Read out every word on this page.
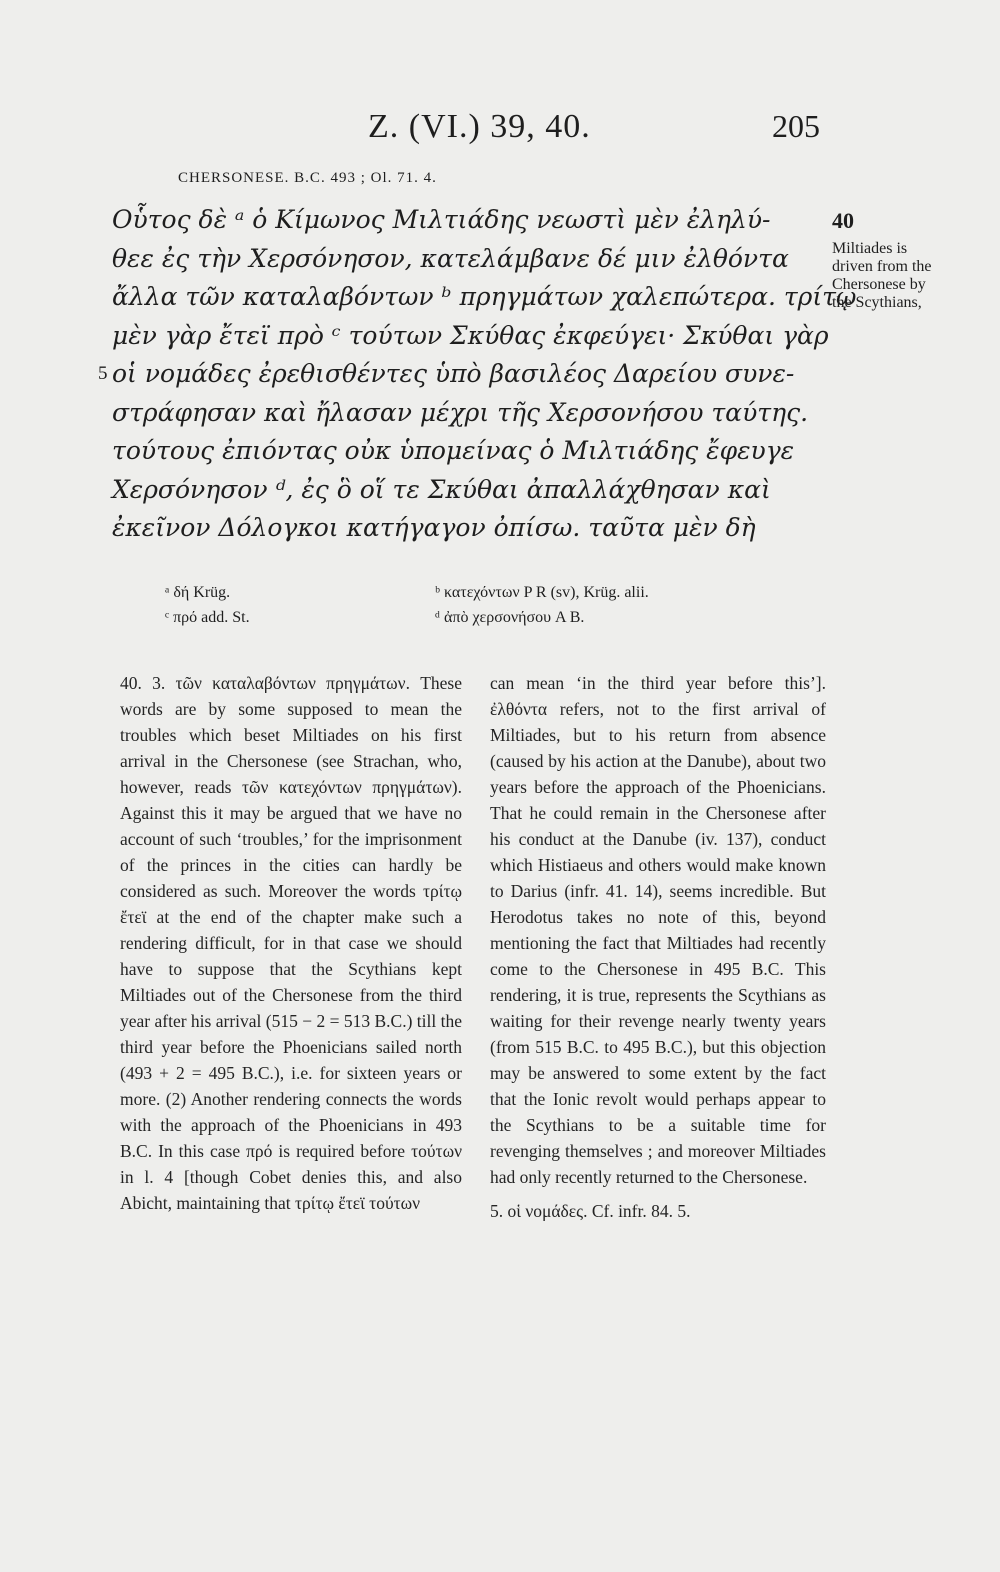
Z. (VI.) 39, 40.	205
CHERSONESE. B.C. 493 ; Ol. 71. 4.
Οὗτος δὲ ᵃ ὁ Κίμωνος Μιλτιάδης νεωστὶ μὲν ἐληλύ-
θεε ἐς τὴν Χερσόνησον, κατελάμβανε δέ μιν ἐλθόντα
ἄλλα τῶν καταλαβόντων ᵇ πρηγμάτων χαλεπώτερα. τρίτῳ
μὲν γὰρ ἔτεϊ πρὸ ᶜ τούτων Σκύθας ἐκφεύγει· Σκύθαι γὰρ
5 οἱ νομάδες ἐρεθισθέντες ὑπὸ βασιλέος Δαρείου συνε-
στράφησαν καὶ ἤλασαν μέχρι τῆς Χερσονήσου ταύτης.
τούτους ἐπιόντας οὐκ ὑπομείνας ὁ Μιλτιάδης ἔφευγε
Χερσόνησον ᵈ, ἐς ὃ οἵ τε Σκύθαι ἀπαλλάχθησαν καὶ
ἐκεῖνον Δόλογκοι κατήγαγον ὀπίσω. ταῦτα μὲν δὴ
40
Miltiades is driven from the Chersonese by the Scythians,
ᵃ δή Krüg.	ᵇ κατεχόντων P R (sv), Krüg. alii.
ᶜ πρό add. St.	ᵈ ἀπὸ χερσονήσου A B.

40. 3. τῶν καταλαβόντων πρηγμάτων. These words are by some supposed to mean the troubles which beset Miltiades on his first arrival in the Chersonese (see Strachan, who, however, reads τῶν κατεχόντων πρηγμάτων). Against this it may be argued that we have no account of such ‘troubles,’ for the imprisonment of the princes in the cities can hardly be considered as such. Moreover the words τρίτῳ ἔτεϊ at the end of the chapter make such a rendering difficult, for in that case we should have to suppose that the Scythians kept Miltiades out of the Chersonese from the third year after his arrival (515 − 2 = 513 B.C.) till the third year before the Phoenicians sailed north (493 + 2 = 495 B.C.), i.e. for sixteen years or more. (2) Another rendering connects the words with the approach of the Phoenicians in 493 B.C. In this case πρό is required before τούτων in l. 4 [though Cobet denies this, and also Abicht, maintaining that τρίτῳ ἔτεϊ τούτων

can mean ‘in the third year before this’]. ἐλθόντα refers, not to the first arrival of Miltiades, but to his return from absence (caused by his action at the Danube), about two years before the approach of the Phoenicians. That he could remain in the Chersonese after his conduct at the Danube (iv. 137), conduct which Histiaeus and others would make known to Darius (infr. 41. 14), seems incredible. But Herodotus takes no note of this, beyond mentioning the fact that Miltiades had recently come to the Chersonese in 495 B.C. This rendering, it is true, represents the Scythians as waiting for their revenge nearly twenty years (from 515 B.C. to 495 B.C.), but this objection may be answered to some extent by the fact that the Ionic revolt would perhaps appear to the Scythians to be a suitable time for revenging themselves ; and moreover Miltiades had only recently returned to the Chersonese.

5. οἱ νομάδες. Cf. infr. 84. 5.
